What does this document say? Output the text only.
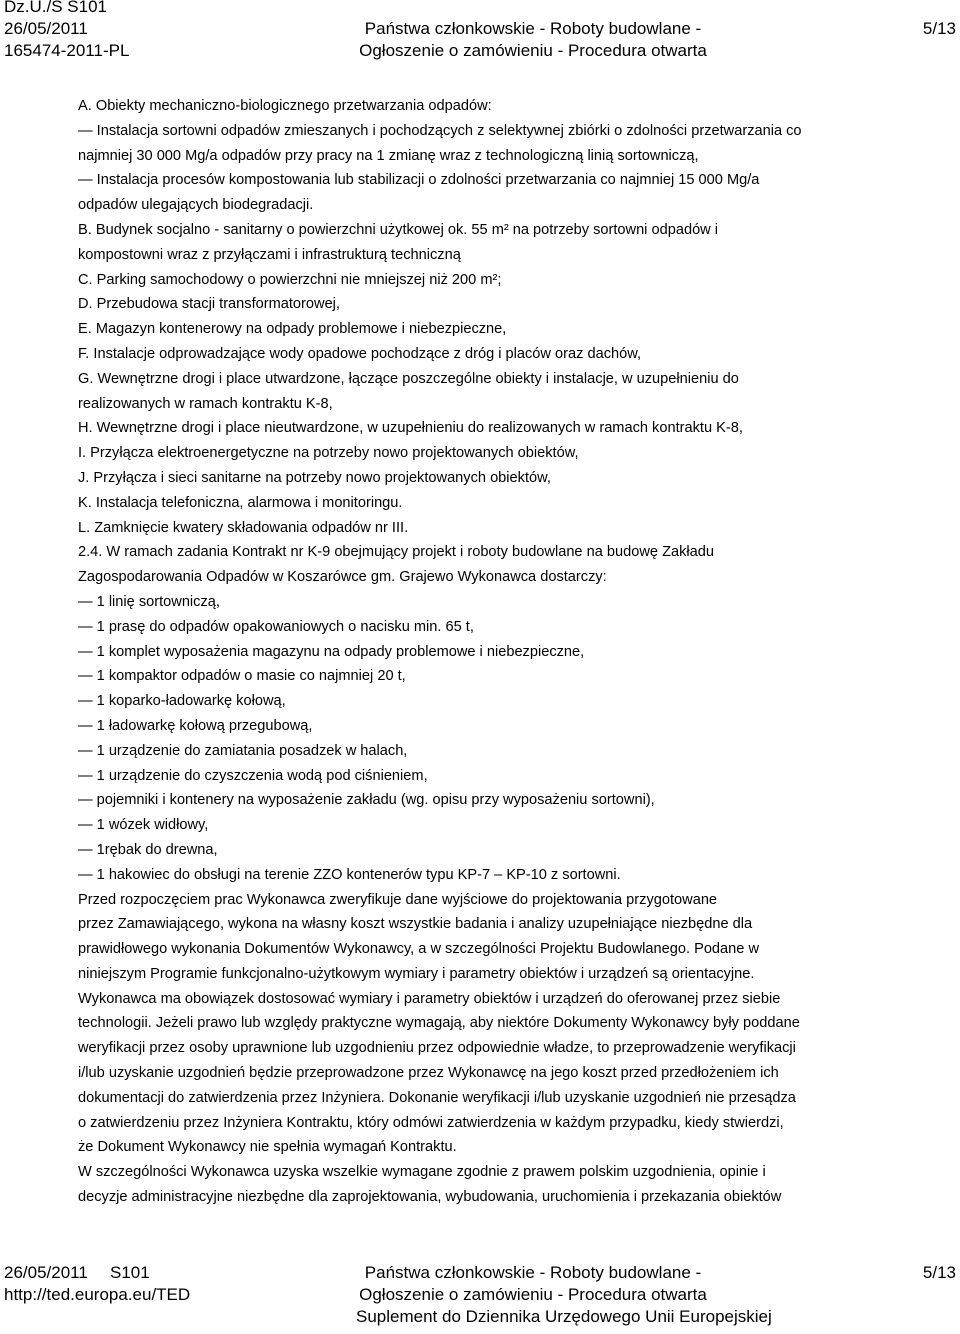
Dz.U./S S101
26/05/2011	Państwa członkowskie - Roboty budowlane -	5/13
165474-2011-PL	Ogłoszenie o zamówieniu - Procedura otwarta
A. Obiekty mechaniczno-biologicznego przetwarzania odpadów:
— Instalacja sortowni odpadów zmieszanych i pochodzących z selektywnej zbiórki o zdolności przetwarzania co
najmniej 30 000 Mg/a odpadów przy pracy na 1 zmianę wraz z technologiczną linią sortowniczą,
— Instalacja procesów kompostowania lub stabilizacji o zdolności przetwarzania co najmniej 15 000 Mg/a
odpadów ulegających biodegradacji.
B. Budynek socjalno - sanitarny o powierzchni użytkowej ok. 55 m² na potrzeby sortowni odpadów i
kompostowni wraz z przyłączami i infrastrukturą techniczną
C. Parking samochodowy o powierzchni nie mniejszej niż 200 m²;
D. Przebudowa stacji transformatorowej,
E. Magazyn kontenerowy na odpady problemowe i niebezpieczne,
F. Instalacje odprowadzające wody opadowe pochodzące z dróg i placów oraz dachów,
G. Wewnętrzne drogi i place utwardzone, łączące poszczególne obiekty i instalacje, w uzupełnieniu do
realizowanych w ramach kontraktu K-8,
H. Wewnętrzne drogi i place nieutwardzone, w uzupełnieniu do realizowanych w ramach kontraktu K-8,
I. Przyłącza elektroenergetyczne na potrzeby nowo projektowanych obiektów,
J. Przyłącza i sieci sanitarne na potrzeby nowo projektowanych obiektów,
K. Instalacja telefoniczna, alarmowa i monitoringu.
L. Zamknięcie kwatery składowania odpadów nr III.
2.4. W ramach zadania Kontrakt nr K-9 obejmujący projekt i roboty budowlane na budowę Zakładu
Zagospodarowania Odpadów w Koszarówce gm. Grajewo Wykonawca dostarczy:
— 1 linię sortowniczą,
— 1 prasę do odpadów opakowaniowych o nacisku min. 65 t,
— 1 komplet wyposażenia magazynu na odpady problemowe i niebezpieczne,
— 1 kompaktor odpadów o masie co najmniej 20 t,
— 1 koparko-ładowarkę kołową,
— 1 ładowarkę kołową przegubową,
— 1 urządzenie do zamiatania posadzek w halach,
— 1 urządzenie do czyszczenia wodą pod ciśnieniem,
— pojemniki i kontenery na wyposażenie zakładu (wg. opisu przy wyposażeniu sortowni),
— 1 wózek widłowy,
— 1rębak do drewna,
— 1 hakowiec do obsługi na terenie ZZO kontenerów typu KP-7 – KP-10 z sortowni.
Przed rozpoczęciem prac Wykonawca zweryfikuje dane wyjściowe do projektowania przygotowane
przez Zamawiającego, wykona na własny koszt wszystkie badania i analizy uzupełniające niezbędne dla
prawidłowego wykonania Dokumentów Wykonawcy, a w szczególności Projektu Budowlanego. Podane w
niniejszym Programie funkcjonalno-użytkowym wymiary i parametry obiektów i urządzeń są orientacyjne.
Wykonawca ma obowiązek dostosować wymiary i parametry obiektów i urządzeń do oferowanej przez siebie
technologii. Jeżeli prawo lub względy praktyczne wymagają, aby niektóre Dokumenty Wykonawcy były poddane
weryfikacji przez osoby uprawnione lub uzgodnieniu przez odpowiednie władze, to przeprowadzenie weryfikacji
i/lub uzyskanie uzgodnień będzie przeprowadzone przez Wykonawcę na jego koszt przed przedłożeniem ich
dokumentacji do zatwierdzenia przez Inżyniera. Dokonanie weryfikacji i/lub uzyskanie uzgodnień nie przesądza
o zatwierdzeniu przez Inżyniera Kontraktu, który odmówi zatwierdzenia w każdym przypadku, kiedy stwierdzi,
że Dokument Wykonawcy nie spełnia wymagań Kontraktu.
W szczególności Wykonawca uzyska wszelkie wymagane zgodnie z prawem polskim uzgodnienia, opinie i
decyzje administracyjne niezbędne dla zaprojektowania, wybudowania, uruchomienia i przekazania obiektów
26/05/2011 S101	Państwa członkowskie - Roboty budowlane -	5/13
http://ted.europa.eu/TED	Ogłoszenie o zamówieniu - Procedura otwarta
Suplement do Dziennika Urzędowego Unii Europejskiej
